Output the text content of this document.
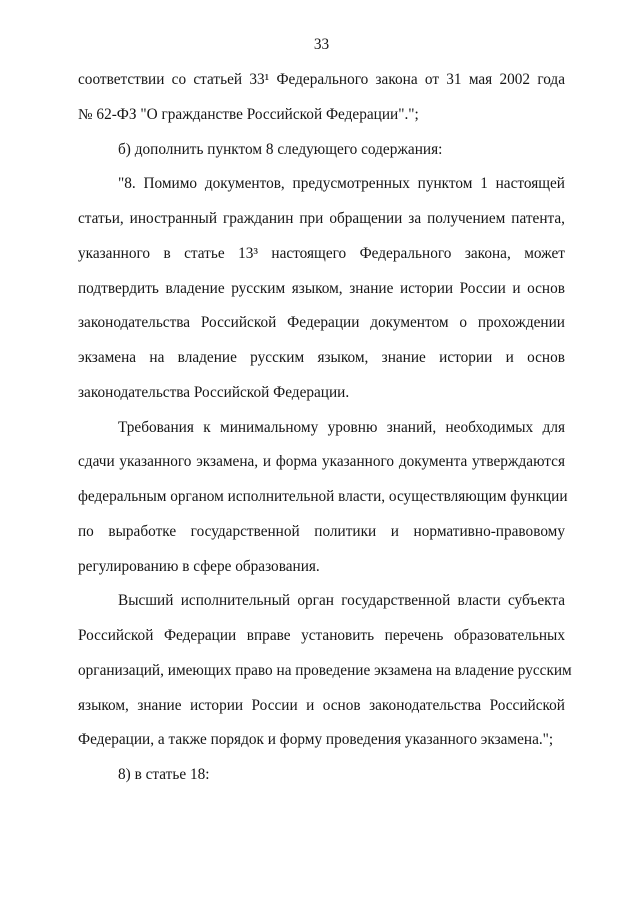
33
соответствии со статьей 33¹ Федерального закона от 31 мая 2002 года
№ 62-ФЗ "О гражданстве Российской Федерации".";
б) дополнить пунктом 8 следующего содержания:
"8. Помимо документов, предусмотренных пунктом 1 настоящей
статьи, иностранный гражданин при обращении за получением патента,
указанного в статье 13³ настоящего Федерального закона, может
подтвердить владение русским языком, знание истории России и основ
законодательства Российской Федерации документом о прохождении
экзамена на владение русским языком, знание истории и основ
законодательства Российской Федерации.
Требования к минимальному уровню знаний, необходимых для
сдачи указанного экзамена, и форма указанного документа утверждаются
федеральным органом исполнительной власти, осуществляющим функции
по выработке государственной политики и нормативно-правовому
регулированию в сфере образования.
Высший исполнительный орган государственной власти субъекта
Российской Федерации вправе установить перечень образовательных
организаций, имеющих право на проведение экзамена на владение русским
языком, знание истории России и основ законодательства Российской
Федерации, а также порядок и форму проведения указанного экзамена.";
8) в статье 18:
